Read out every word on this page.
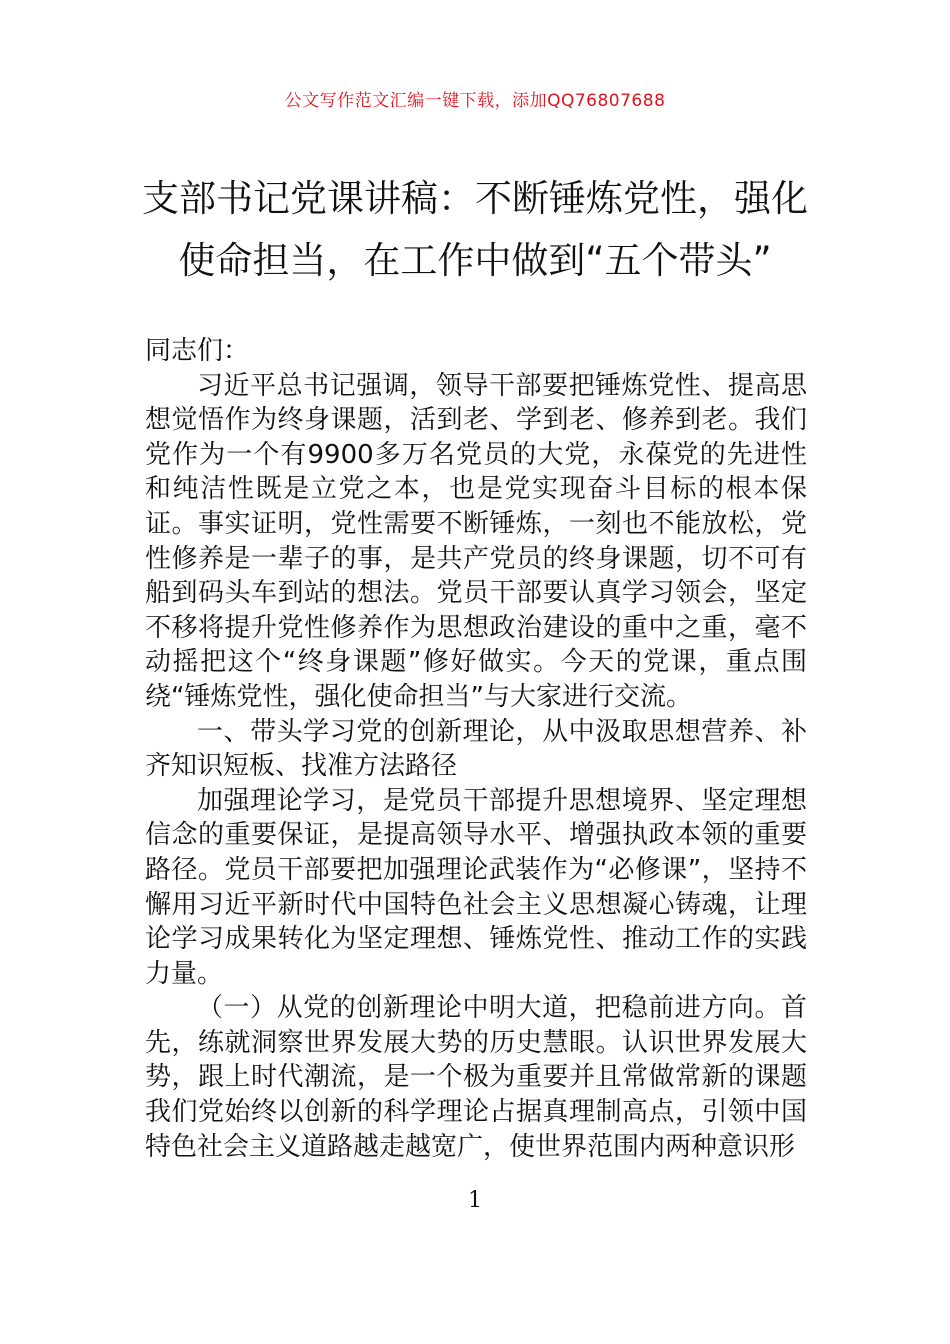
公文写作范文汇编一键下载，添加QQ76807688
支部书记党课讲稿：不断锤炼党性，强化
使命担当，在工作中做到“五个带头”

同志们：

习近平总书记强调，领导干部要把锤炼党性、提高思想觉悟作为终身课题，活到老、学到老、修养到老。我们党作为一个有9900多万名党员的大党，永葆党的先进性和纯洁性既是立党之本，也是党实现奋斗目标的根本保证。事实证明，党性需要不断锤炼，一刻也不能放松，党性修养是一辈子的事，是共产党员的终身课题，切不可有船到码头车到站的想法。党员干部要认真学习领会，坚定不移将提升党性修养作为思想政治建设的重中之重，毫不动摇把这个“终身课题”修好做实。今天的党课，重点围绕“锤炼党性，强化使命担当”与大家进行交流。

一、带头学习党的创新理论，从中汲取思想营养、补齐知识短板、找准方法路径

加强理论学习，是党员干部提升思想境界、坚定理想信念的重要保证，是提高领导水平、增强执政本领的重要路径。党员干部要把加强理论武装作为“必修课”，坚持不懈用习近平新时代中国特色社会主义思想凝心铸魂，让理论学习成果转化为坚定理想、锤炼党性、推动工作的实践力量。

（一）从党的创新理论中明大道，把稳前进方向。首先，练就洞察世界发展大势的历史慧眼。认识世界发展大势，跟上时代潮流，是一个极为重要并且常做常新的课题我们党始终以创新的科学理论占据真理制高点，引领中国特色社会主义道路越走越宽广，使世界范围内两种意识形

1
